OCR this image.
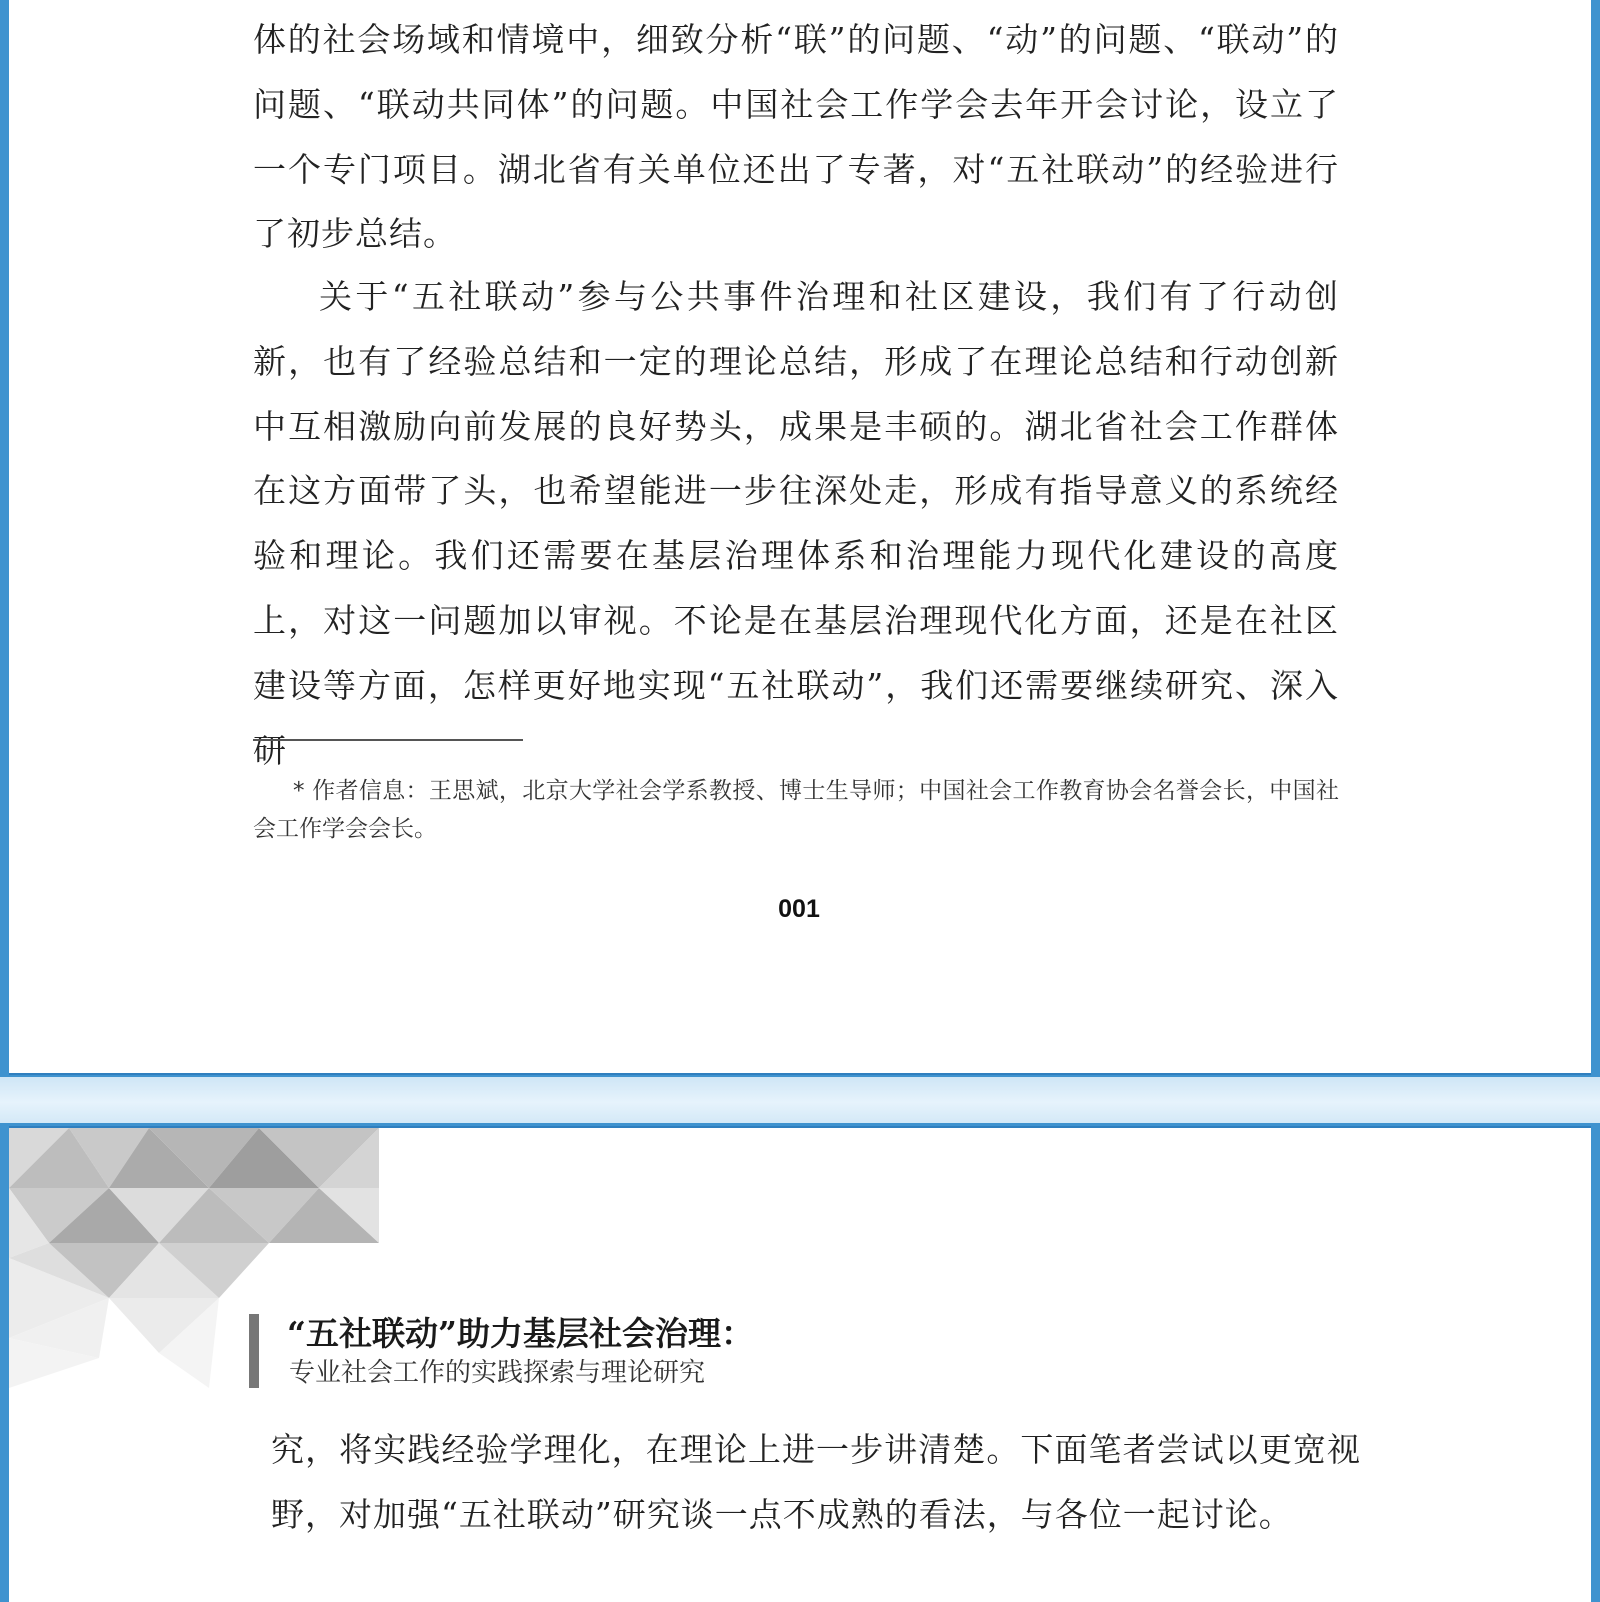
体的社会场域和情境中，细致分析“联”的问题、“动”的问题、“联动”的问题、“联动共同体”的问题。中国社会工作学会去年开会讨论，设立了一个专门项目。湖北省有关单位还出了专著，对“五社联动”的经验进行了初步总结。

关于“五社联动”参与公共事件治理和社区建设，我们有了行动创新，也有了经验总结和一定的理论总结，形成了在理论总结和行动创新中互相激励向前发展的良好势头，成果是丰硕的。湖北省社会工作群体在这方面带了头，也希望能进一步往深处走，形成有指导意义的系统经验和理论。我们还需要在基层治理体系和治理能力现代化建设的高度上，对这一问题加以审视。不论是在基层治理现代化方面，还是在社区建设等方面，怎样更好地实现“五社联动”，我们还需要继续研究、深入研

* 作者信息：王思斌，北京大学社会学系教授、博士生导师；中国社会工作教育协会名誉会长，中国社会工作学会会长。

001

“五社联动”助力基层社会治理：

专业社会工作的实践探索与理论研究

究，将实践经验学理化，在理论上进一步讲清楚。下面笔者尝试以更宽视野，对加强“五社联动”研究谈一点不成熟的看法，与各位一起讨论。
